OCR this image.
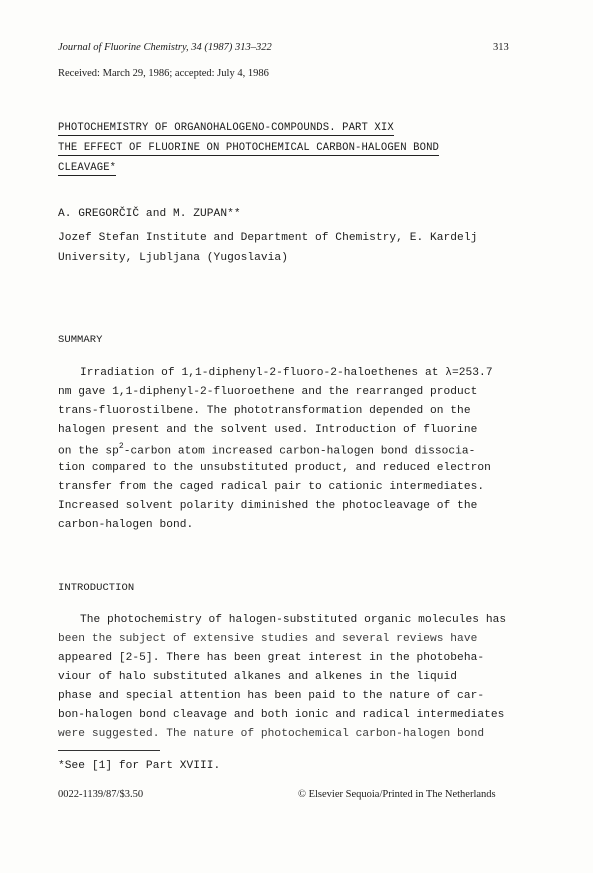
Journal of Fluorine Chemistry, 34 (1987) 313–322	313
Received: March 29, 1986; accepted: July 4, 1986
PHOTOCHEMISTRY OF ORGANOHALOGENO-COMPOUNDS. PART XIX
THE EFFECT OF FLUORINE ON PHOTOCHEMICAL CARBON-HALOGEN BOND
CLEAVAGE*
A. GREGORČIČ and M. ZUPAN**
Jozef Stefan Institute and Department of Chemistry, E. Kardelj
University, Ljubljana (Yugoslavia)
SUMMARY
Irradiation of 1,1-diphenyl-2-fluoro-2-haloethenes at λ=253.7
nm gave 1,1-diphenyl-2-fluoroethene and the rearranged product
trans-fluorostilbene. The phototransformation depended on the
halogen present and the solvent used. Introduction of fluorine
on the $sp^2$-carbon atom increased carbon-halogen bond dissocia-
tion compared to the unsubstituted product, and reduced electron
transfer from the caged radical pair to cationic intermediates.
Increased solvent polarity diminished the photocleavage of the
carbon-halogen bond.
INTRODUCTION
The photochemistry of halogen-substituted organic molecules has
been the subject of extensive studies and several reviews have
appeared [2-5]. There has been great interest in the photobeha-
viour of halo substituted alkanes and alkenes in the liquid
phase and special attention has been paid to the nature of car-
bon-halogen bond cleavage and both ionic and radical intermediates
were suggested. The nature of photochemical carbon-halogen bond
*See [1] for Part XVIII.
0022-1139/87/$3.50	© Elsevier Sequoia/Printed in The Netherlands
